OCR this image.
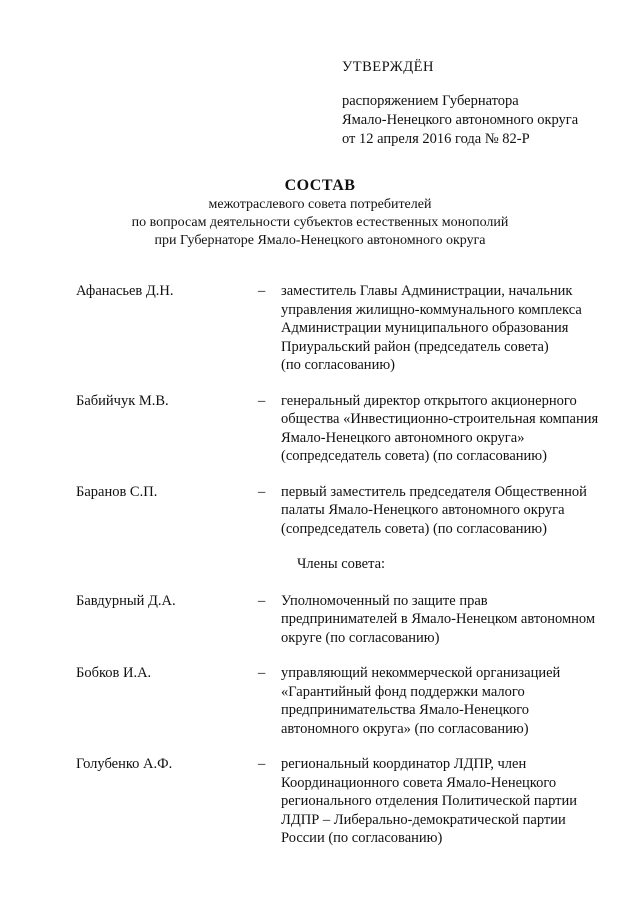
УТВЕРЖДЁН
распоряжением Губернатора
Ямало-Ненецкого автономного округа
от 12 апреля 2016 года № 82-Р
СОСТАВ
межотраслевого совета потребителей
по вопросам деятельности субъектов естественных монополий
при Губернаторе Ямало-Ненецкого автономного округа
Афанасьев Д.Н.	– заместитель Главы Администрации, начальник
управления жилищно-коммунального комплекса
Администрации муниципального образования
Приуральский район (председатель совета)
(по согласованию)
Бабийчук М.В.	– генеральный директор открытого акционерного
общества «Инвестиционно-строительная компания
Ямало-Ненецкого автономного округа»
(сопредседатель совета) (по согласованию)
Баранов С.П.	– первый заместитель председателя Общественной
палаты Ямало-Ненецкого автономного округа
(сопредседатель совета) (по согласованию)
Члены совета:
Бавдурный Д.А.	– Уполномоченный по защите прав
предпринимателей в Ямало-Ненецком автономном
округе (по согласованию)
Бобков И.А.	– управляющий некоммерческой организацией
«Гарантийный фонд поддержки малого
предпринимательства Ямало-Ненецкого
автономного округа» (по согласованию)
Голубенко А.Ф.	– региональный координатор ЛДПР, член
Координационного совета Ямало-Ненецкого
регионального отделения Политической партии
ЛДПР – Либерально-демократической партии
России (по согласованию)
